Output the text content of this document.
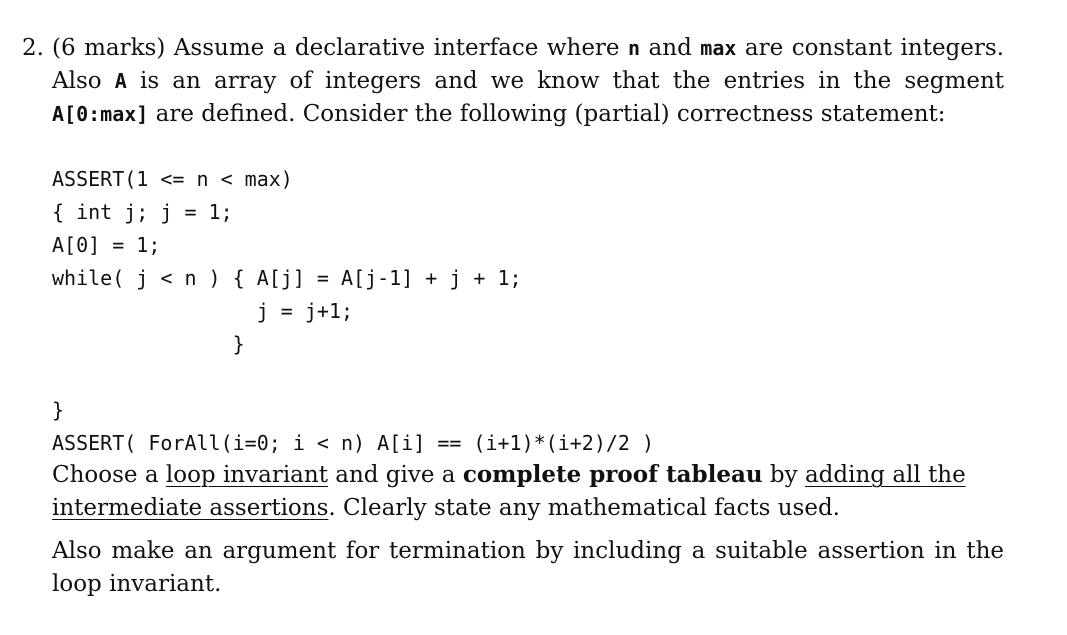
2. (6 marks) Assume a declarative interface where n and max are constant integers. Also A is an array of integers and we know that the entries in the segment A[0:max] are defined. Consider the following (partial) correctness statement:

ASSERT(1 <= n < max)
{ int j; j = 1;
A[0] = 1;
while( j < n ) { A[j] = A[j-1] + j + 1;
j = j+1;
}
}
ASSERT( ForAll(i=0; i < n) A[i] == (i+1)*(i+2)/2 )

Choose a loop invariant and give a complete proof tableau by adding all the intermediate assertions. Clearly state any mathematical facts used.

Also make an argument for termination by including a suitable assertion in the loop invariant.
